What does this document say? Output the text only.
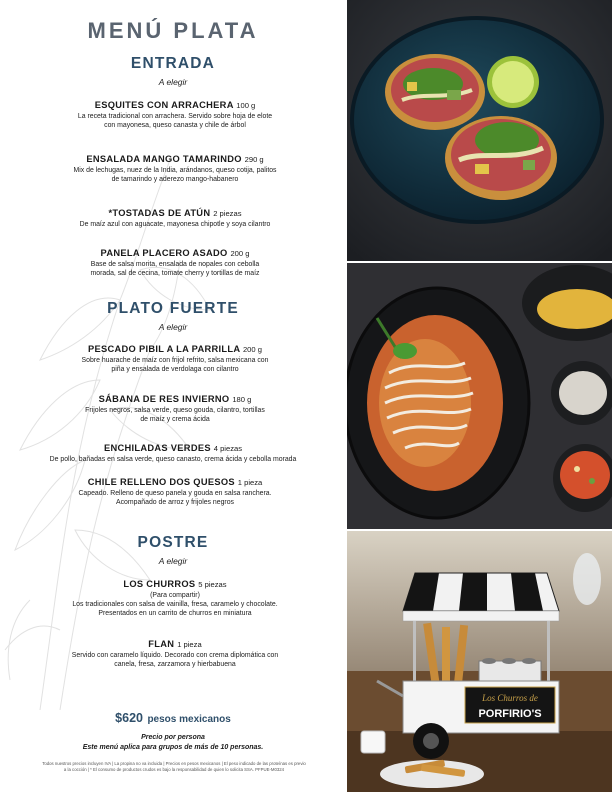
MENÚ PLATA
ENTRADA
A elegir
ESQUITES CON ARRACHERA 100 g
La receta tradicional con arrachera. Servido sobre hoja de elote
con mayonesa, queso canasta y chile de árbol
ENSALADA MANGO TAMARINDO 290 g
Mix de lechugas, nuez de la India, arándanos, queso cotija, palitos
de tamarindo y aderezo mango-habanero
*TOSTADAS DE ATÚN 2 piezas
De maíz azul con aguacate, mayonesa chipotle y soya cilantro
PANELA PLACERO ASADO 200 g
Base de salsa morita, ensalada de nopales con cebolla
morada, sal de cecina, tomate cherry y tortillas de maíz
PLATO FUERTE
A elegir
PESCADO PIBIL A LA PARRILLA 200 g
Sobre huarache de maíz con frijol refrito, salsa mexicana con
piña y ensalada de verdolaga con cilantro
SÁBANA DE RES INVIERNO 180 g
Frijoles negros, salsa verde, queso gouda, cilantro, tortillas
de maíz y crema ácida
ENCHILADAS VERDES 4 piezas
De pollo, bañadas en salsa verde, queso canasto, crema ácida y cebolla morada
CHILE RELLENO DOS QUESOS 1 pieza
Capeado. Relleno de queso panela y gouda en salsa ranchera.
Acompañado de arroz y frijoles negros
POSTRE
A elegir
LOS CHURROS 5 piezas
(Para compartir)
Los tradicionales con salsa de vainilla, fresa, caramelo y chocolate.
Presentados en un carrito de churros en miniatura
FLAN 1 pieza
Servido con caramelo líquido. Decorado con crema diplomática con
canela, fresa, zarzamora y hierbabuena
$620 pesos mexicanos
Precio por persona
Este menú aplica para grupos de más de 10 personas.
Todos nuestros precios incluyen IVA | La propina no va incluida | Precios en pesos mexicanos | El peso indicado de las proteínas es previo
a la cocción | * El consumo de productos crudos es bajo la responsabilidad de quien lo solicita SSA. PFPUE-M0324
Los Churros de
PORFIRIO'S
